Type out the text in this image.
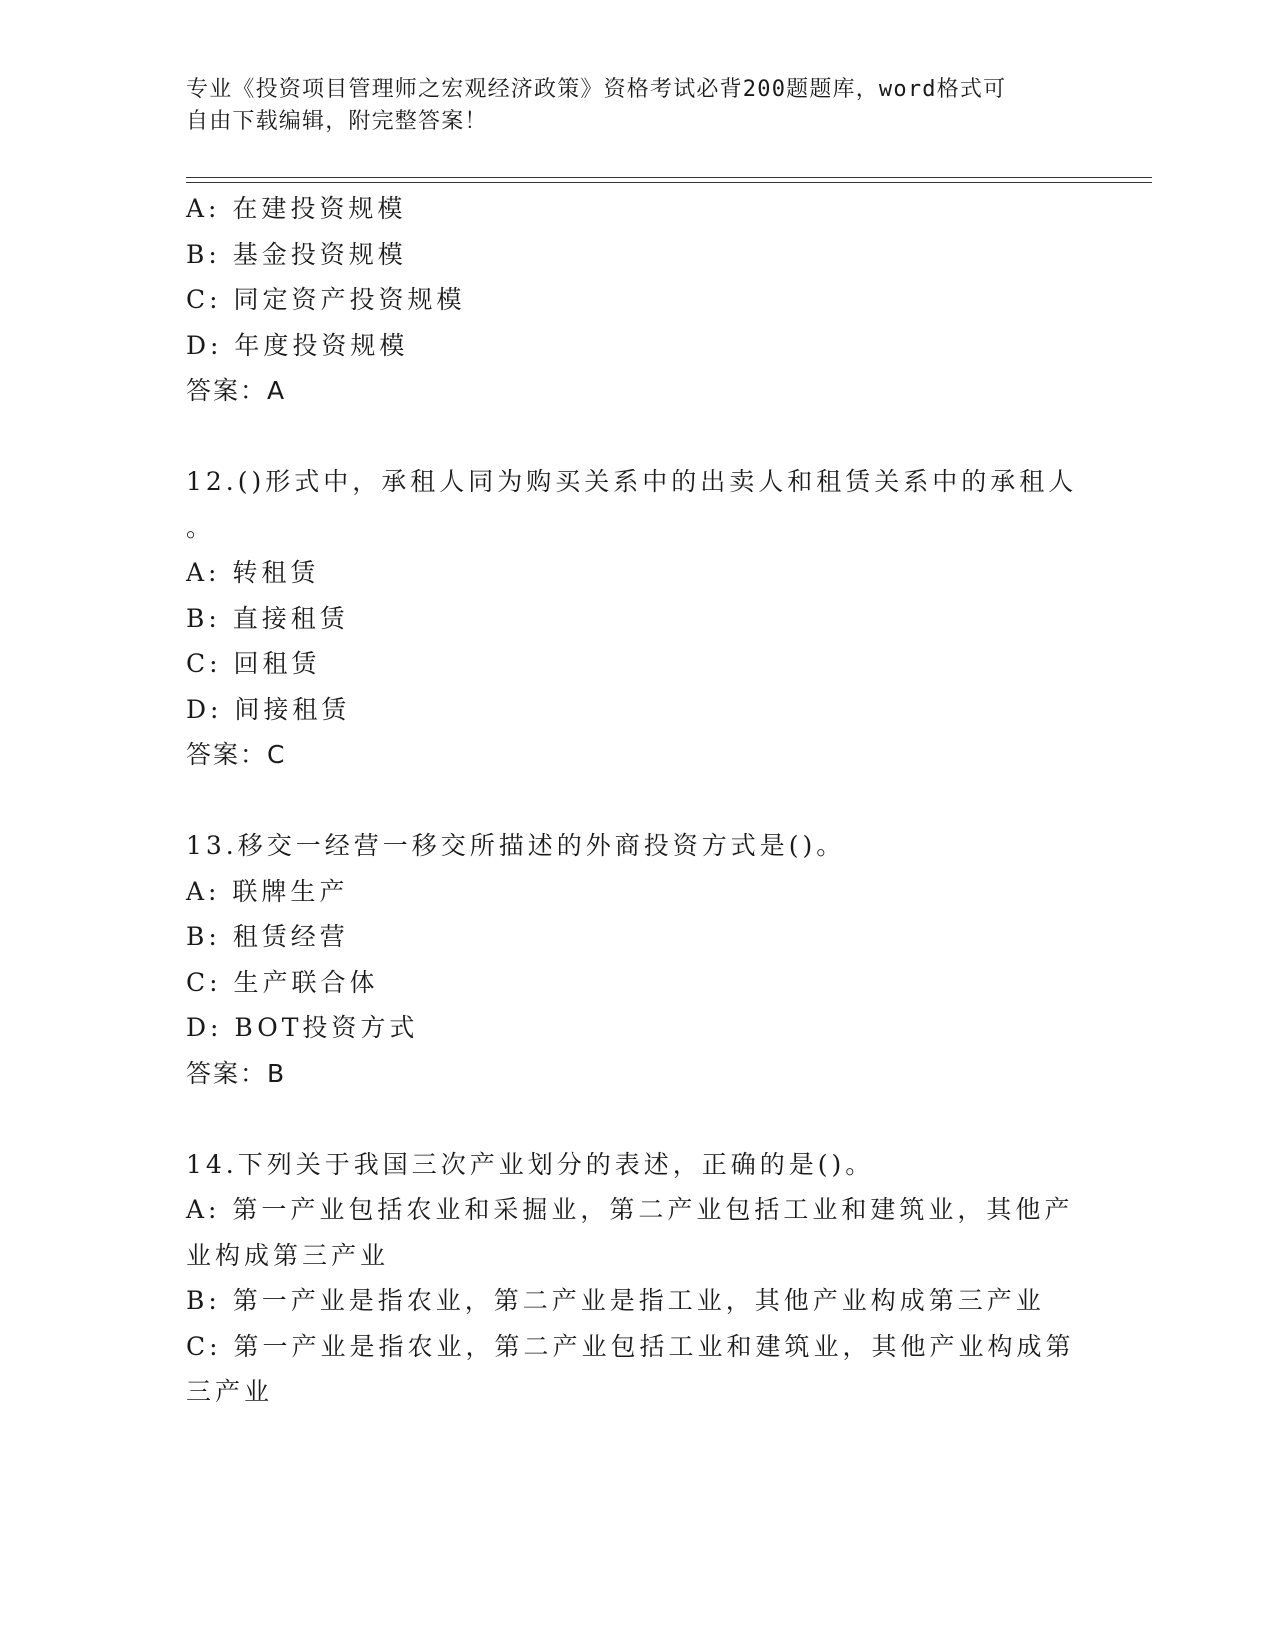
专业《投资项目管理师之宏观经济政策》资格考试必背200题题库，word格式可
自由下载编辑，附完整答案！
A: 在建投资规模
B: 基金投资规模
C: 同定资产投资规模
D: 年度投资规模
答案：A
12.()形式中，承租人同为购买关系中的出卖人和租赁关系中的承租人
。
A: 转租赁
B: 直接租赁
C: 回租赁
D: 间接租赁
答案：C
13.移交一经营一移交所描述的外商投资方式是()。
A: 联牌生产
B: 租赁经营
C: 生产联合体
D: BOT投资方式
答案：B
14.下列关于我国三次产业划分的表述，正确的是()。
A: 第一产业包括农业和采掘业，第二产业包括工业和建筑业，其他产
业构成第三产业
B: 第一产业是指农业，第二产业是指工业，其他产业构成第三产业
C: 第一产业是指农业，第二产业包括工业和建筑业，其他产业构成第
三产业
